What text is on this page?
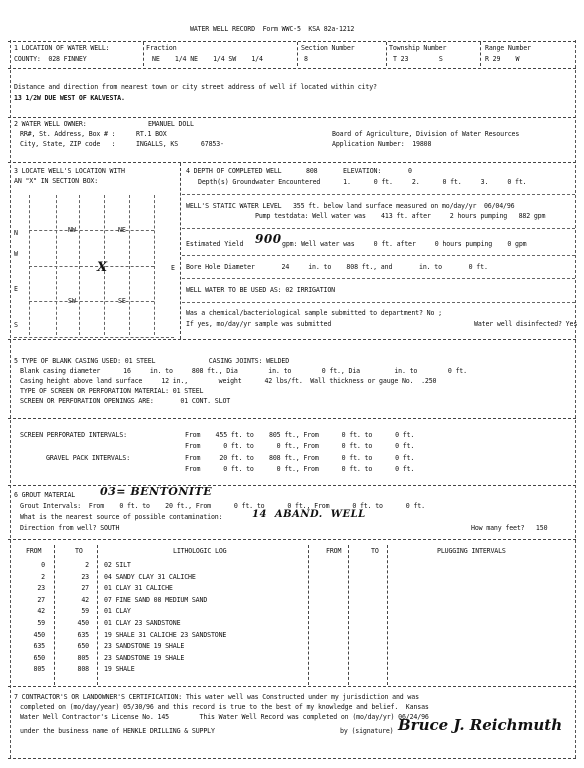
WATER WELL RECORD  Form WWC-5  KSA 82a-1212
1 LOCATION OF WATER WELL:
COUNTY:  028 FINNEY
Fraction
NE    1/4 NE    1/4 SW    1/4
Section Number
8
Township Number
T 23        S
Range Number
R 29    W
Distance and direction from nearest town or city street address of well if located within city?
13 1/2W DUE WEST OF KALVESTA.
2 WATER WELL OWNER:	EMANUEL DOLL
RR#, St. Address, Box # :	RT.1 BOX
City, State, ZIP code   :	INGALLS, KS      67853-
Board of Agriculture, Division of Water Resources
Application Number:  19808
3 LOCATE WELL'S LOCATION WITH
AN "X" IN SECTION BOX:
NW	NE
SW	SE
N
W
E
S
E
X
4 DEPTH OF COMPLETED WELL	808	ELEVATION:	0
Depth(s) Groundwater Encountered      1.      0 ft.     2.      0 ft.     3.     0 ft.
WELL'S STATIC WATER LEVEL   355 ft. below land surface measured on mo/day/yr  06/04/96
Pump testdata: Well water was    413 ft. after     2 hours pumping   882 gpm
Estimated Yield 900 gpm: Well water was     0 ft. after     0 hours pumping    0 gpm
Bore Hole Diameter       24     in. to    808 ft., and       in. to       0 ft.
WELL WATER TO BE USED AS: 02 IRRIGATION
Was a chemical/bacteriological sample submitted to department? No ;
If yes, mo/day/yr sample was submitted	Water well disinfected? Yes
5 TYPE OF BLANK CASING USED: 01 STEEL              CASING JOINTS: WELDED
Blank casing diameter      16     in. to     808 ft., Dia        in. to        0 ft., Dia         in. to        0 ft.
Casing height above land surface     12 in.,        weight      42 lbs/ft.  Wall thickness or gauge No.  .250
TYPE OF SCREEN OR PERFORATION MATERIAL: 01 STEEL
SCREEN OR PERFORATION OPENINGS ARE:       01 CONT. SLOT
SCREEN PERFORATED INTERVALS:	From    455 ft. to    805 ft., From      0 ft. to      0 ft.
From      0 ft. to      0 ft., From      0 ft. to      0 ft.
GRAVEL PACK INTERVALS:	From     20 ft. to    808 ft., From      0 ft. to      0 ft.
From      0 ft. to      0 ft., From      0 ft. to      0 ft.
6 GROUT MATERIAL 03= BENTONITE
Grout Intervals:  From    0 ft. to    20 ft., From      0 ft. to      0 ft., From      0 ft. to      0 ft.
What is the nearest source of possible contamination:	14  ABAND.  WELL
Direction from well? SOUTH	How many feet?   150
FROM	TO	LITHOLOGIC LOG	FROM	TO	PLUGGING INTERVALS
0	2 02 SILT
2	23 04 SANDY CLAY 31 CALICHE
23	27 01 CLAY 31 CALICHE
27	42 07 FINE SAND 08 MEDIUM SAND
42	59 01 CLAY
59	450 01 CLAY 23 SANDSTONE
450	635 19 SHALE 31 CALICHE 23 SANDSTONE
635	650 23 SANDSTONE 19 SHALE
650	805 23 SANDSTONE 19 SHALE
805	808 19 SHALE
7 CONTRACTOR'S OR LANDOWNER'S CERTIFICATION: This water well was Constructed under my jurisdiction and was
completed on (mo/day/year) 05/30/96 and this record is true to the best of my knowledge and belief.  Kansas
Water Well Contractor's License No. 145        This Water Well Record was completed on (mo/day/yr) 06/24/96
under the business name of HENKLE DRILLING & SUPPLY	by (signature) Bruce J. Reichmuth
